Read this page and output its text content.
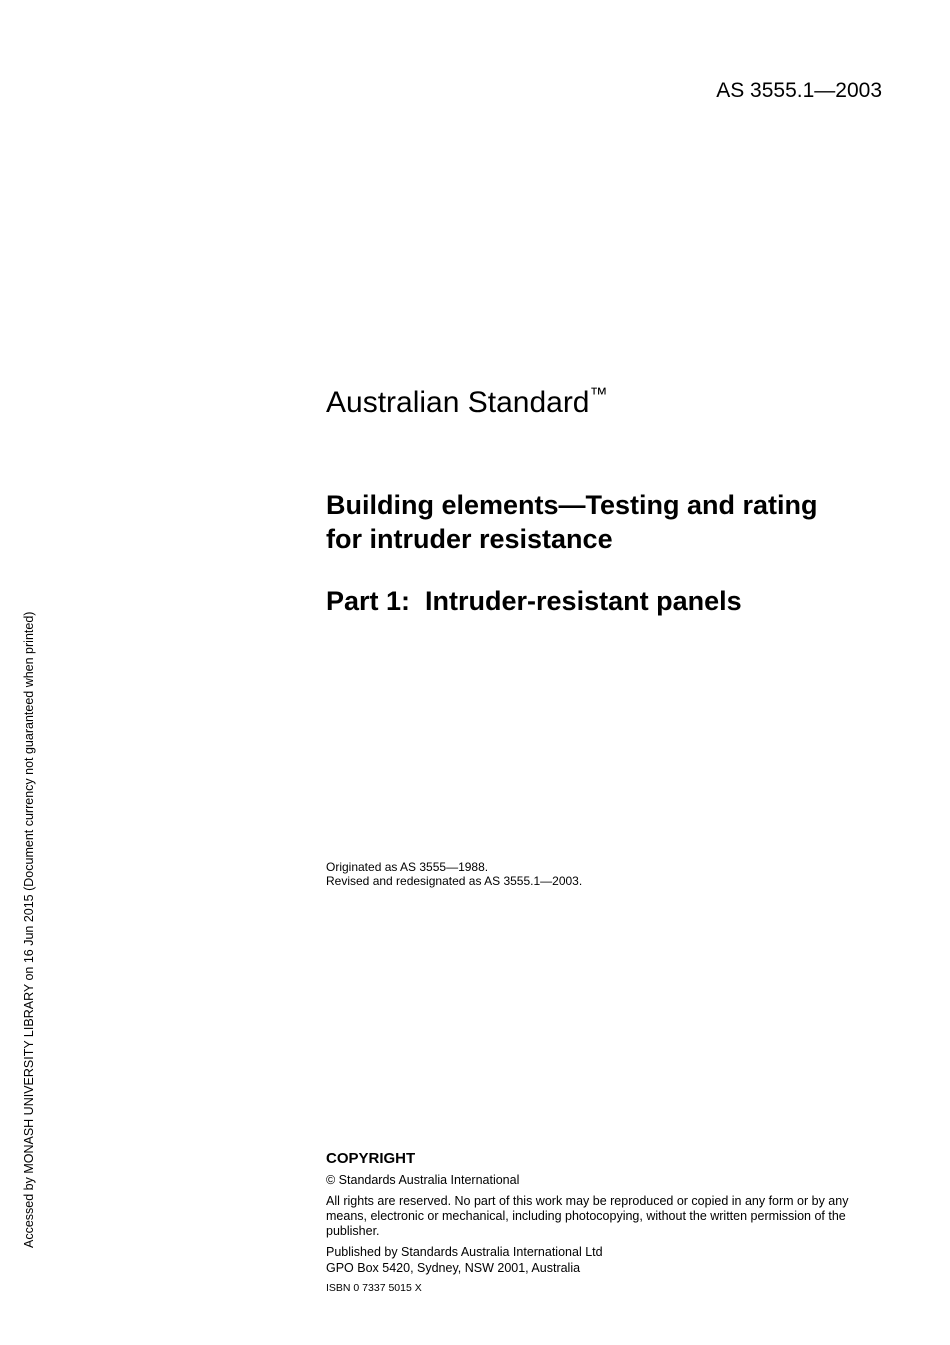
AS 3555.1—2003
Australian Standard™
Building elements—Testing and rating
for intruder resistance
Part 1:  Intruder-resistant panels
Originated as AS 3555—1988.
Revised and redesignated as AS 3555.1—2003.
COPYRIGHT
© Standards Australia International
All rights are reserved. No part of this work may be reproduced or copied in any form or by any means, electronic or mechanical, including photocopying, without the written permission of the publisher.
Published by Standards Australia International Ltd
GPO Box 5420, Sydney, NSW 2001, Australia
ISBN 0 7337 5015 X
Accessed by MONASH UNIVERSITY LIBRARY on 16 Jun 2015 (Document currency not guaranteed when printed)
